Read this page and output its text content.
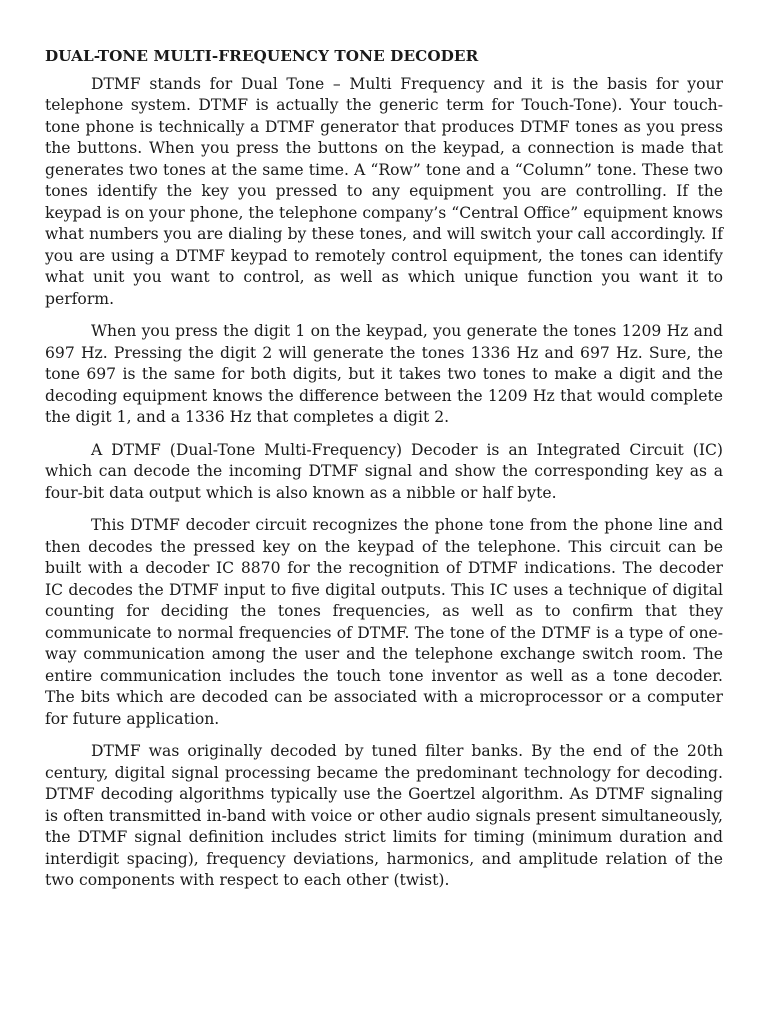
DUAL-TONE MULTI-FREQUENCY TONE DECODER

DTMF stands for Dual Tone – Multi Frequency and it is the basis for your telephone system. DTMF is actually the generic term for Touch-Tone). Your touch-tone phone is technically a DTMF generator that produces DTMF tones as you press the buttons. When you press the buttons on the keypad, a connection is made that generates two tones at the same time. A “Row” tone and a “Column” tone. These two tones identify the key you pressed to any equipment you are controlling. If the keypad is on your phone, the telephone company’s “Central Office” equipment knows what numbers you are dialing by these tones, and will switch your call accordingly. If you are using a DTMF keypad to remotely control equipment, the tones can identify what unit you want to control, as well as which unique function you want it to perform.

When you press the digit 1 on the keypad, you generate the tones 1209 Hz and 697 Hz. Pressing the digit 2 will generate the tones 1336 Hz and 697 Hz. Sure, the tone 697 is the same for both digits, but it takes two tones to make a digit and the decoding equipment knows the difference between the 1209 Hz that would complete the digit 1, and a 1336 Hz that completes a digit 2.

A DTMF (Dual-Tone Multi-Frequency) Decoder is an Integrated Circuit (IC) which can decode the incoming DTMF signal and show the corresponding key as a four-bit data output which is also known as a nibble or half byte.

This DTMF decoder circuit recognizes the phone tone from the phone line and then decodes the pressed key on the keypad of the telephone. This circuit can be built with a decoder IC 8870 for the recognition of DTMF indications. The decoder IC decodes the DTMF input to five digital outputs. This IC uses a technique of digital counting for deciding the tones frequencies, as well as to confirm that they communicate to normal frequencies of DTMF. The tone of the DTMF is a type of one-way communication among the user and the telephone exchange switch room. The entire communication includes the touch tone inventor as well as a tone decoder. The bits which are decoded can be associated with a microprocessor or a computer for future application.

DTMF was originally decoded by tuned filter banks. By the end of the 20th century, digital signal processing became the predominant technology for decoding. DTMF decoding algorithms typically use the Goertzel algorithm. As DTMF signaling is often transmitted in-band with voice or other audio signals present simultaneously, the DTMF signal definition includes strict limits for timing (minimum duration and interdigit spacing), frequency deviations, harmonics, and amplitude relation of the two components with respect to each other (twist).
